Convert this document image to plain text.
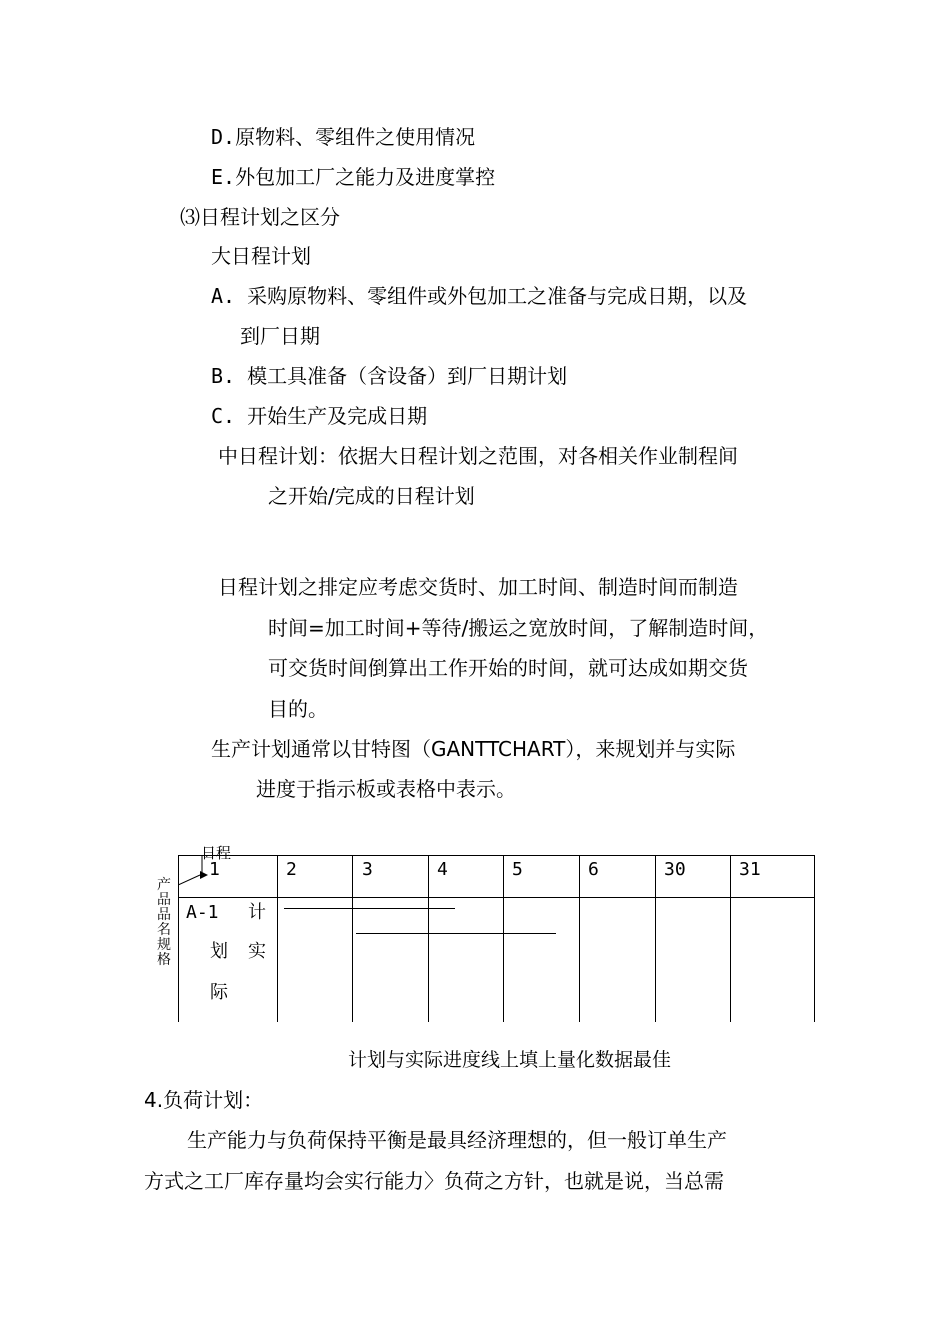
D.原物料、零组件之使用情况
E.外包加工厂之能力及进度掌控
⑶日程计划之区分
大日程计划
A. 采购原物料、零组件或外包加工之准备与完成日期，以及
到厂日期
B. 模工具准备（含设备）到厂日期计划
C. 开始生产及完成日期
中日程计划：依据大日程计划之范围，对各相关作业制程间
之开始/完成的日程计划
日程计划之排定应考虑交货时、加工时间、制造时间而制造
时间=加工时间+等待/搬运之宽放时间，了解制造时间，
可交货时间倒算出工作开始的时间，就可达成如期交货
目的。
生产计划通常以甘特图（GANTTCHART），来规划并与实际
进度于指示板或表格中表示。
1	2	3	4	5	6	30	31
A-1 计
划 实
际
日程
产品品名规格
计划与实际进度线上填上量化数据最佳
4.负荷计划：
生产能力与负荷保持平衡是最具经济理想的，但一般订单生产
方式之工厂库存量均会实行能力〉负荷之方针，也就是说，当总需
